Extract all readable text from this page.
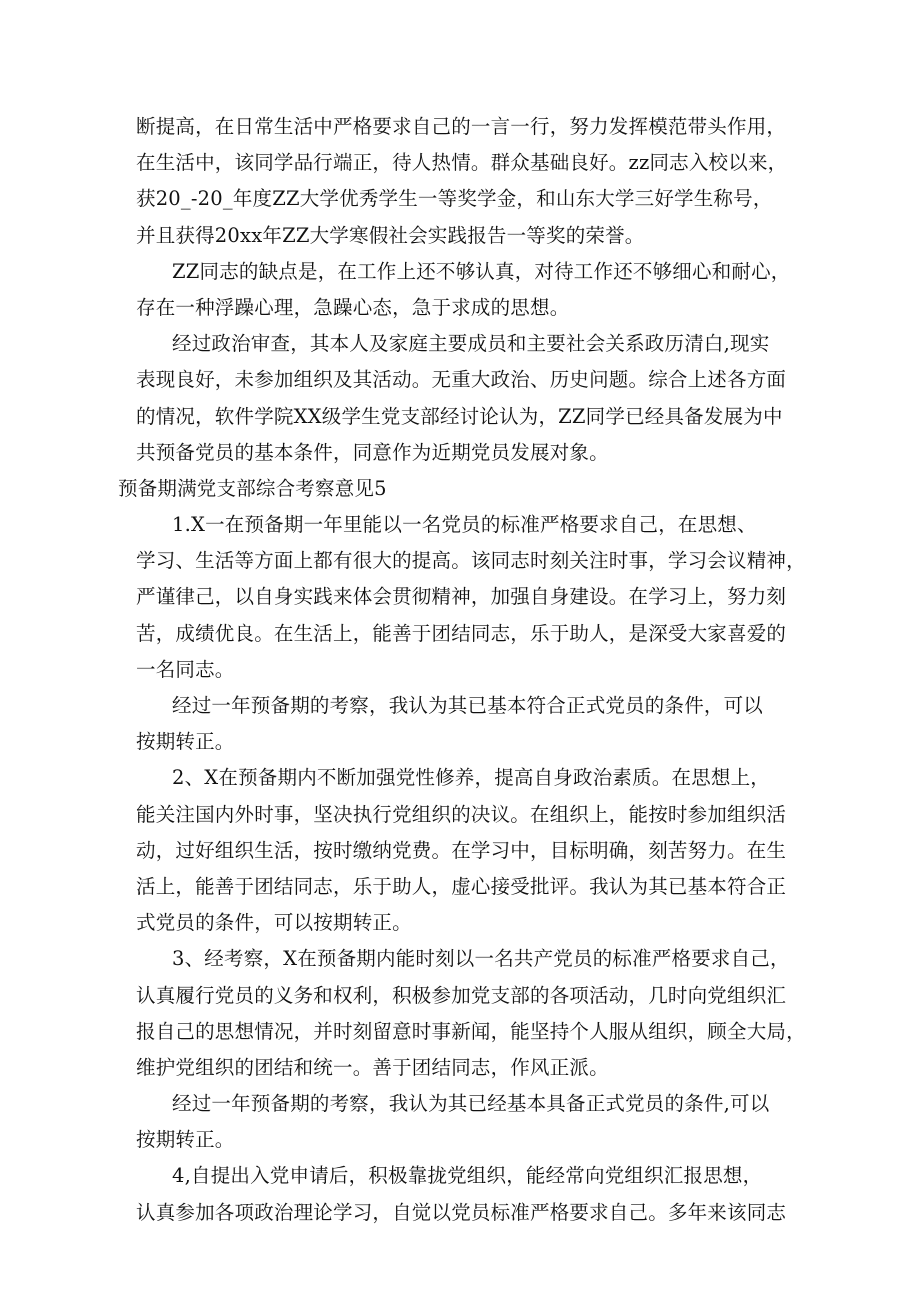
断提高，在日常生活中严格要求自己的一言一行，努力发挥模范带头作用，
在生活中，该同学品行端正，待人热情。群众基础良好。zz同志入校以来，
获20_-20_年度ZZ大学优秀学生一等奖学金，和山东大学三好学生称号，
并且获得20xx年ZZ大学寒假社会实践报告一等奖的荣誉。
ZZ同志的缺点是，在工作上还不够认真，对待工作还不够细心和耐心，
存在一种浮躁心理，急躁心态，急于求成的思想。
经过政治审查，其本人及家庭主要成员和主要社会关系政历清白,现实
表现良好，未参加组织及其活动。无重大政治、历史问题。综合上述各方面
的情况，软件学院XX级学生党支部经讨论认为，ZZ同学已经具备发展为中
共预备党员的基本条件，同意作为近期党员发展对象。
预备期满党支部综合考察意见5
1.X一在预备期一年里能以一名党员的标准严格要求自己，在思想、
学习、生活等方面上都有很大的提高。该同志时刻关注时事，学习会议精神，
严谨律己，以自身实践来体会贯彻精神，加强自身建设。在学习上，努力刻
苦，成绩优良。在生活上，能善于团结同志，乐于助人，是深受大家喜爱的
一名同志。
经过一年预备期的考察，我认为其已基本符合正式党员的条件，可以
按期转正。
2、X在预备期内不断加强党性修养，提高自身政治素质。在思想上，
能关注国内外时事，坚决执行党组织的决议。在组织上，能按时参加组织活
动，过好组织生活，按时缴纳党费。在学习中，目标明确，刻苦努力。在生
活上，能善于团结同志，乐于助人，虚心接受批评。我认为其已基本符合正
式党员的条件，可以按期转正。
3、经考察，X在预备期内能时刻以一名共产党员的标准严格要求自己，
认真履行党员的义务和权利，积极参加党支部的各项活动，几时向党组织汇
报自己的思想情况，并时刻留意时事新闻，能坚持个人服从组织，顾全大局，
维护党组织的团结和统一。善于团结同志，作风正派。
经过一年预备期的考察，我认为其已经基本具备正式党员的条件,可以
按期转正。
4,自提出入党申请后，积极靠拢党组织，能经常向党组织汇报思想，
认真参加各项政治理论学习，自觉以党员标准严格要求自己。多年来该同志
